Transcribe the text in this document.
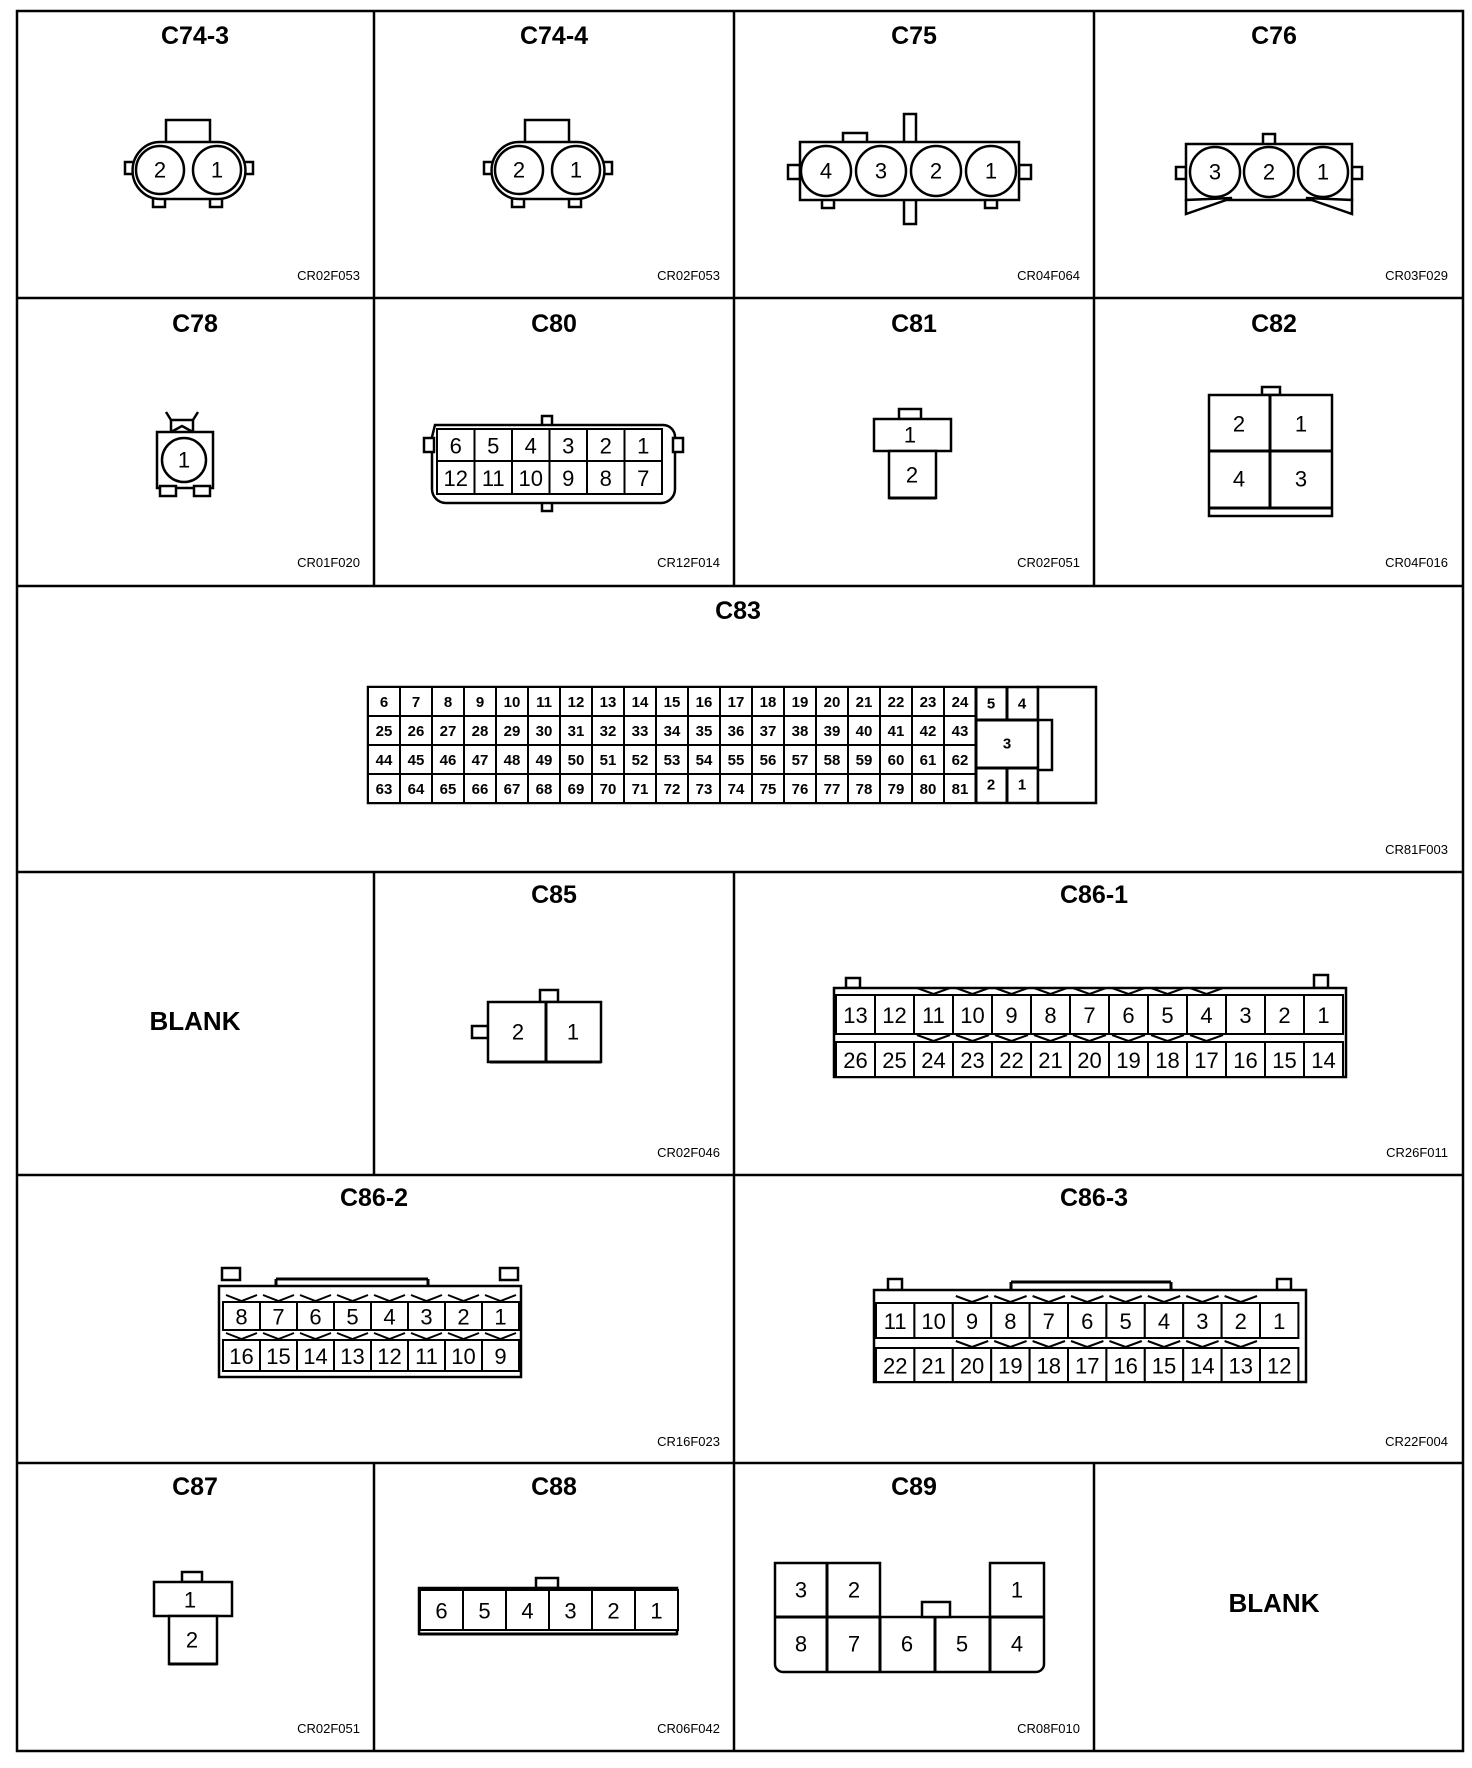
C74-3
2 1
CR02F053
C74-4
2 1
CR02F053
C75
4 3 2 1
CR04F064
C76
3 2 1
CR03F029
C78
1
CR01F020
C80
6 5 4 3 2 1
12 11 10 9 8 7
CR12F014
C81
1
2
CR02F051
C82
2 1
4 3
CR04F016
C83
6 7 8 9 10 11 12 13 14 15 16 17 18 19 20 21 22 23 24
25 26 27 28 29 30 31 32 33 34 35 36 37 38 39 40 41 42 43
44 45 46 47 48 49 50 51 52 53 54 55 56 57 58 59 60 61 62
63 64 65 66 67 68 69 70 71 72 73 74 75 76 77 78 79 80 81
5 4
3
2 1
CR81F003
BLANK
C85
2 1
CR02F046
C86-1
13 12 11 10 9 8 7 6 5 4 3 2 1
26 25 24 23 22 21 20 19 18 17 16 15 14
CR26F011
C86-2
8 7 6 5 4 3 2 1
16 15 14 13 12 11 10 9
CR16F023
C86-3
11 10 9 8 7 6 5 4 3 2 1
22 21 20 19 18 17 16 15 14 13 12
CR22F004
C87
1
2
CR02F051
C88
6 5 4 3 2 1
CR06F042
C89
3 2	1
8 7 6 5 4
CR08F010
BLANK
